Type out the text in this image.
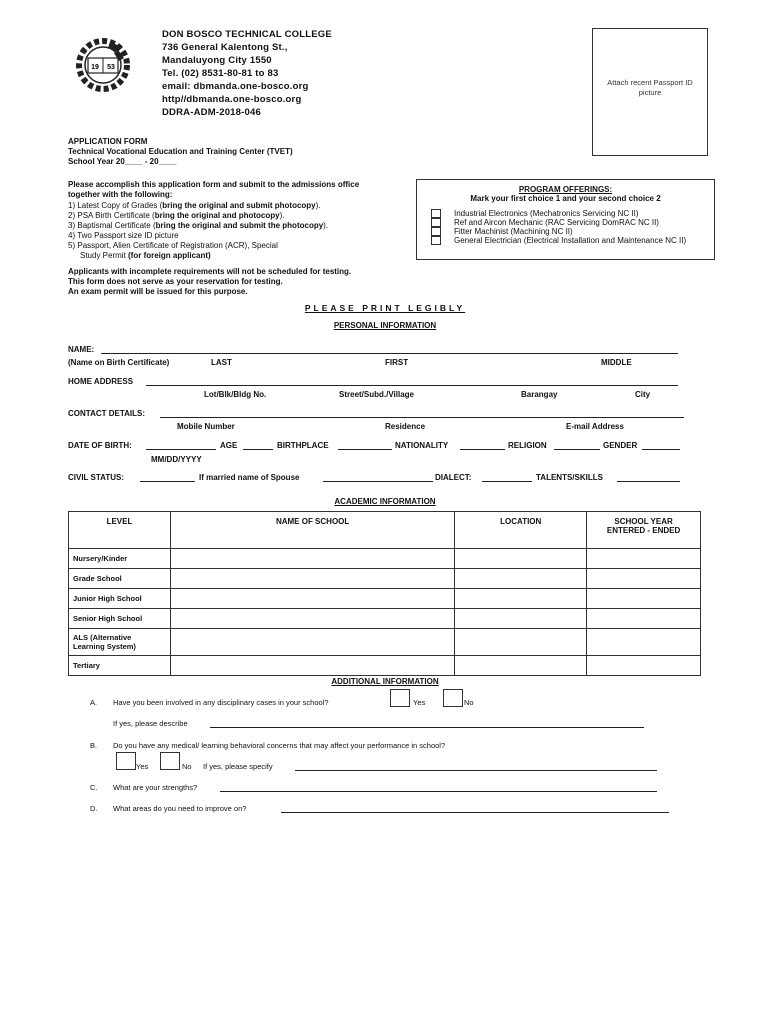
19 53
DON BOSCO TECHNICAL COLLEGE
736 General Kalentong St.,
Mandaluyong City 1550
Tel. (02) 8531-80-81 to 83
email: dbmanda.one-bosco.org
http//dbmanda.one-bosco.org
DDRA-ADM-2018-046
Attach recent Passport ID
picture
APPLICATION FORM
Technical Vocational Education and Training Center (TVET)
School Year 20____ - 20____
Please accomplish this application form and submit to the admissions office
together with the following:
1) Latest Copy of Grades (bring the original and submit photocopy).
2) PSA Birth Certificate (bring the original and photocopy).
3) Baptismal Certificate (bring the original and submit the photocopy).
4) Two Passport size ID picture
5) Passport, Alien Certificate of Registration (ACR), Special
Study Permit (for foreign applicant)
PROGRAM OFFERINGS:
Mark your first choice 1 and your second choice 2
Industrial Electronics (Mechatronics Servicing NC II)
Ref and Aircon Mechanic (RAC Servicing DomRAC NC II)
Fitter Machinist (Machining NC II)
General Electrician (Electrical Installation and Maintenance NC II)
Applicants with incomplete requirements will not be scheduled for testing.
This form does not serve as your reservation for testing.
An exam permit will be issued for this purpose.
PLEASE PRINT LEGIBLY
PERSONAL INFORMATION
NAME:
(Name on Birth Certificate)	LAST	FIRST	MIDDLE
HOME ADDRESS
Lot/Blk/Bldg No.	Street/Subd./Village	Barangay	City
CONTACT DETAILS:
Mobile Number	Residence	E-mail Address
DATE OF BIRTH:	AGE	BIRTHPLACE	NATIONALITY	RELIGION	GENDER
MM/DD/YYYY
CIVIL STATUS:	If married name of Spouse	DIALECT:	TALENTS/SKILLS
ACADEMIC INFORMATION
LEVEL	NAME OF SCHOOL	LOCATION	SCHOOL YEAR
ENTERED - ENDED

Nursery/Kinder			
Grade School			
Junior High School			
Senior High School			

ALS (Alternative
Learning System)			

Tertiary			
ADDITIONAL INFORMATION
A. Have you been involved in any disciplinary cases in your school?	Yes	No
If yes, please describe
B. Do you have any medical/ learning behavioral concerns that may affect your performance in school?
Yes	No If yes, please specify
C. What are your strengths?
D. What areas do you need to improve on?
